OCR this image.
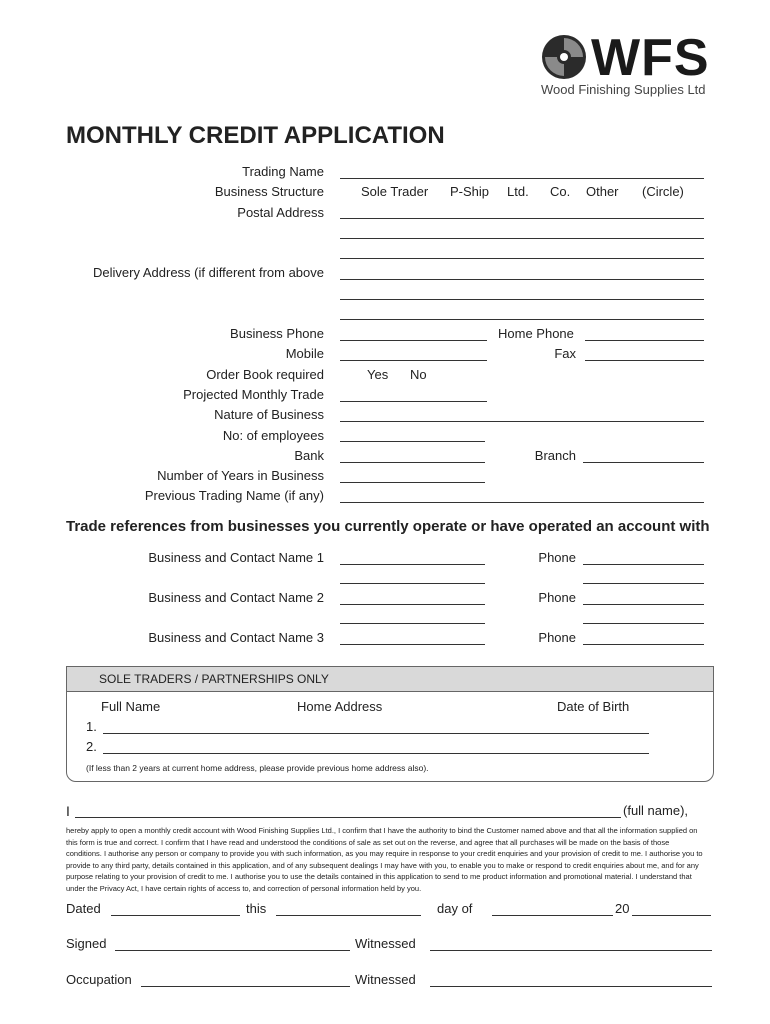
WFS
Wood Finishing Supplies Ltd
MONTHLY CREDIT APPLICATION
Trading Name
Business Structure	Sole Trader P-Ship Ltd. Co. Other (Circle)
Postal Address
Delivery Address (if different from above
Business Phone	Home Phone
Mobile	Fax
Order Book required	Yes No
Projected Monthly Trade
Nature of Business
No: of employees
Bank	Branch
Number of Years in Business
Previous Trading Name (if any)
Trade references from businesses you currently operate or have operated an account with
Business and Contact Name 1	Phone
Business and Contact Name 2	Phone
Business and Contact Name 3	Phone
SOLE TRADERS / PARTNERSHIPS ONLY
Full Name	Home Address	Date of Birth
1.
2.
(If less than 2 years at current home address, please provide previous home address also).
I	(full name),
hereby apply to open a monthly credit account with Wood Finishing Supplies Ltd., I confirm that I have the authority to bind the Customer named above and that all the information supplied on this form is true and correct. I confirm that I have read and understood the conditions of sale as set out on the reverse, and agree that all purchases will be made on the basis of those conditions. I authorise any person or company to provide you with such information, as you may require in response to your credit enquiries and your provision of credit to me. I authorise you to provide to any third party, details contained in this application, and of any subsequent dealings I may have with you, to enable you to make or respond to credit enquiries about me, and for any purpose relating to your provision of credit to me. I authorise you to use the details contained in this application to send to me product information and promotional material. I understand that under the Privacy Act, I have certain rights of access to, and correction of personal information held by you.
Dated	this	day of	20
Signed	Witnessed
Occupation	Witnessed
